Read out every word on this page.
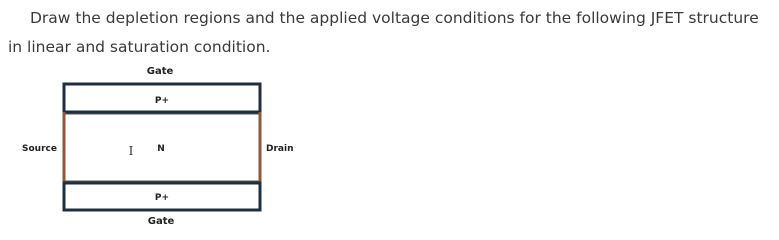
Draw the depletion regions and the applied voltage conditions for the following JFET structure in linear and saturation condition.

Gate
P+
I	N
Source	Drain
P+
Gate
